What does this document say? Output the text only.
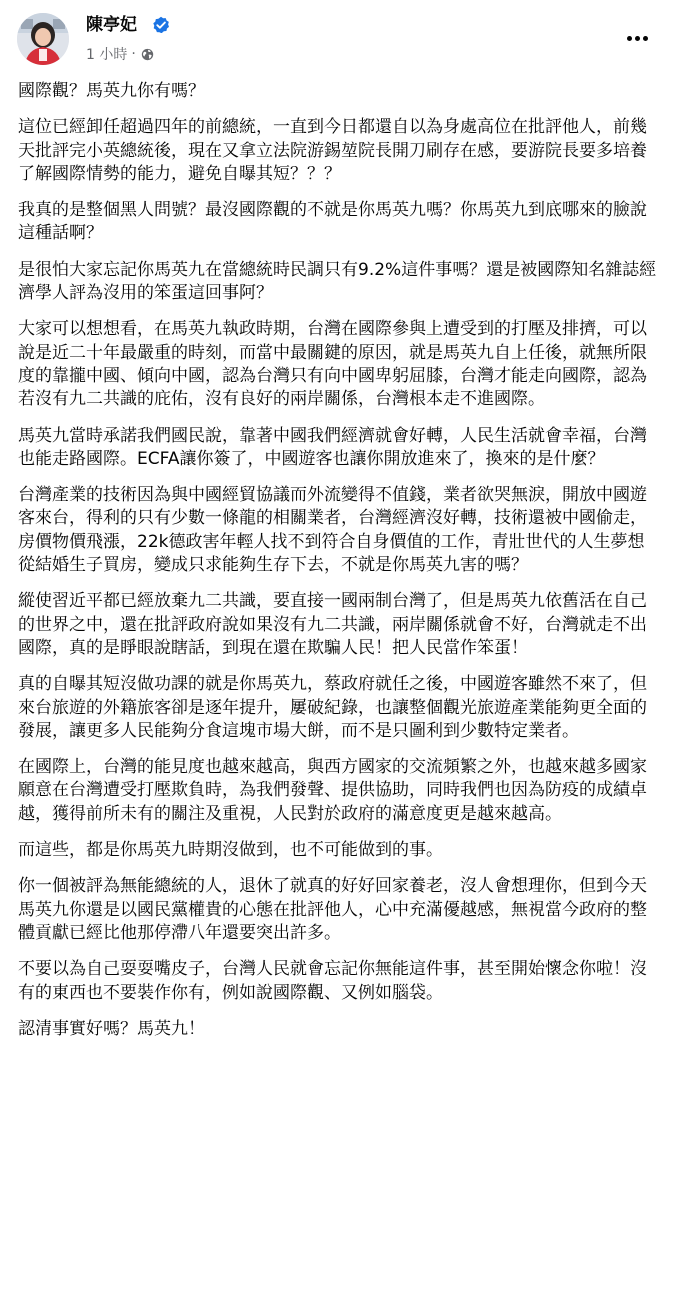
陳亭妃
1 小時 ·

國際觀？馬英九你有嗎？

這位已經卸任超過四年的前總統，一直到今日都還自以為身處高位在批評他人，前幾天批評完小英總統後，現在又拿立法院游錫堃院長開刀刷存在感，要游院長要多培養了解國際情勢的能力，避免自曝其短？？？

我真的是整個黑人問號？最沒國際觀的不就是你馬英九嗎？你馬英九到底哪來的臉說這種話啊？

是很怕大家忘記你馬英九在當總統時民調只有9.2%這件事嗎？還是被國際知名雜誌經濟學人評為沒用的笨蛋這回事阿？

大家可以想想看，在馬英九執政時期，台灣在國際參與上遭受到的打壓及排擠，可以說是近二十年最嚴重的時刻，而當中最關鍵的原因，就是馬英九自上任後，就無所限度的靠攏中國、傾向中國，認為台灣只有向中國卑躬屈膝，台灣才能走向國際，認為若沒有九二共識的庇佑，沒有良好的兩岸關係，台灣根本走不進國際。

馬英九當時承諾我們國民說，靠著中國我們經濟就會好轉，人民生活就會幸福，台灣也能走路國際。ECFA讓你簽了，中國遊客也讓你開放進來了，換來的是什麼？

台灣產業的技術因為與中國經貿協議而外流變得不值錢，業者欲哭無淚，開放中國遊客來台，得利的只有少數一條龍的相關業者，台灣經濟沒好轉，技術還被中國偷走，房價物價飛漲，22k德政害年輕人找不到符合自身價值的工作，青壯世代的人生夢想從結婚生子買房，變成只求能夠生存下去，不就是你馬英九害的嗎？

縱使習近平都已經放棄九二共識，要直接一國兩制台灣了，但是馬英九依舊活在自己的世界之中，還在批評政府說如果沒有九二共識，兩岸關係就會不好，台灣就走不出國際，真的是睜眼說瞎話，到現在還在欺騙人民！把人民當作笨蛋！

真的自曝其短沒做功課的就是你馬英九，蔡政府就任之後，中國遊客雖然不來了，但來台旅遊的外籍旅客卻是逐年提升，屢破紀錄，也讓整個觀光旅遊產業能夠更全面的發展，讓更多人民能夠分食這塊市場大餅，而不是只圖利到少數特定業者。

在國際上，台灣的能見度也越來越高，與西方國家的交流頻繁之外，也越來越多國家願意在台灣遭受打壓欺負時，為我們發聲、提供協助，同時我們也因為防疫的成績卓越，獲得前所未有的關注及重視，人民對於政府的滿意度更是越來越高。

而這些，都是你馬英九時期沒做到，也不可能做到的事。

你一個被評為無能總統的人，退休了就真的好好回家養老，沒人會想理你，但到今天馬英九你還是以國民黨權貴的心態在批評他人，心中充滿優越感，無視當今政府的整體貢獻已經比他那停滯八年還要突出許多。

不要以為自己耍耍嘴皮子，台灣人民就會忘記你無能這件事，甚至開始懷念你啦！沒有的東西也不要裝作你有，例如說國際觀、又例如腦袋。

認清事實好嗎？馬英九！
